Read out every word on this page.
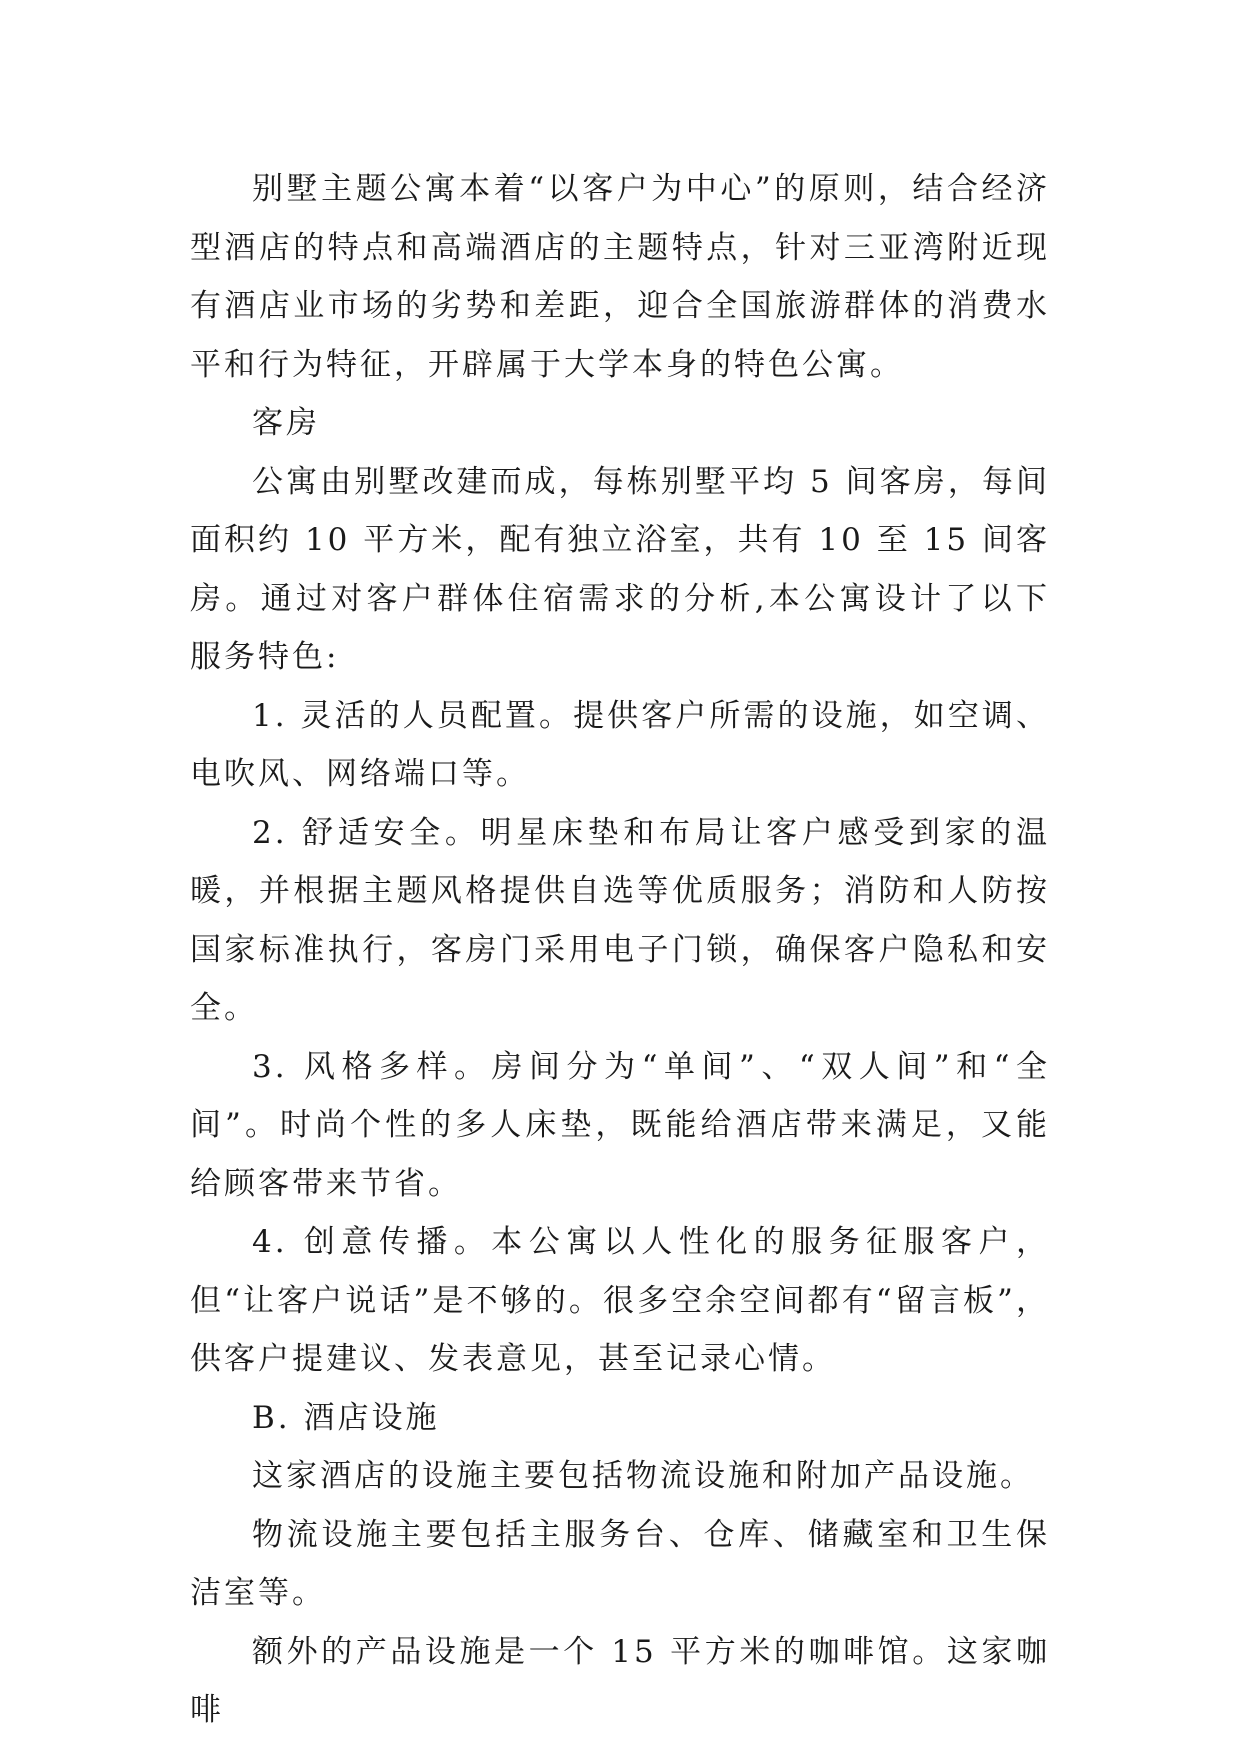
别墅主题公寓本着“以客户为中心”的原则，结合经济型酒店的特点和高端酒店的主题特点，针对三亚湾附近现有酒店业市场的劣势和差距，迎合全国旅游群体的消费水平和行为特征，开辟属于大学本身的特色公寓。

客房

公寓由别墅改建而成，每栋别墅平均 5 间客房，每间面积约 10 平方米，配有独立浴室，共有 10 至 15 间客房。通过对客户群体住宿需求的分析,本公寓设计了以下服务特色:

1. 灵活的人员配置。提供客户所需的设施，如空调、电吹风、网络端口等。

2. 舒适安全。明星床垫和布局让客户感受到家的温暖，并根据主题风格提供自选等优质服务；消防和人防按国家标准执行，客房门采用电子门锁，确保客户隐私和安全。

3. 风格多样。房间分为“单间”、“双人间”和“全间”。时尚个性的多人床垫，既能给酒店带来满足，又能给顾客带来节省。

4. 创意传播。本公寓以人性化的服务征服客户，但“让客户说话”是不够的。很多空余空间都有“留言板”，供客户提建议、发表意见，甚至记录心情。

B. 酒店设施

这家酒店的设施主要包括物流设施和附加产品设施。

物流设施主要包括主服务台、仓库、储藏室和卫生保洁室等。

额外的产品设施是一个 15 平方米的咖啡馆。这家咖啡
